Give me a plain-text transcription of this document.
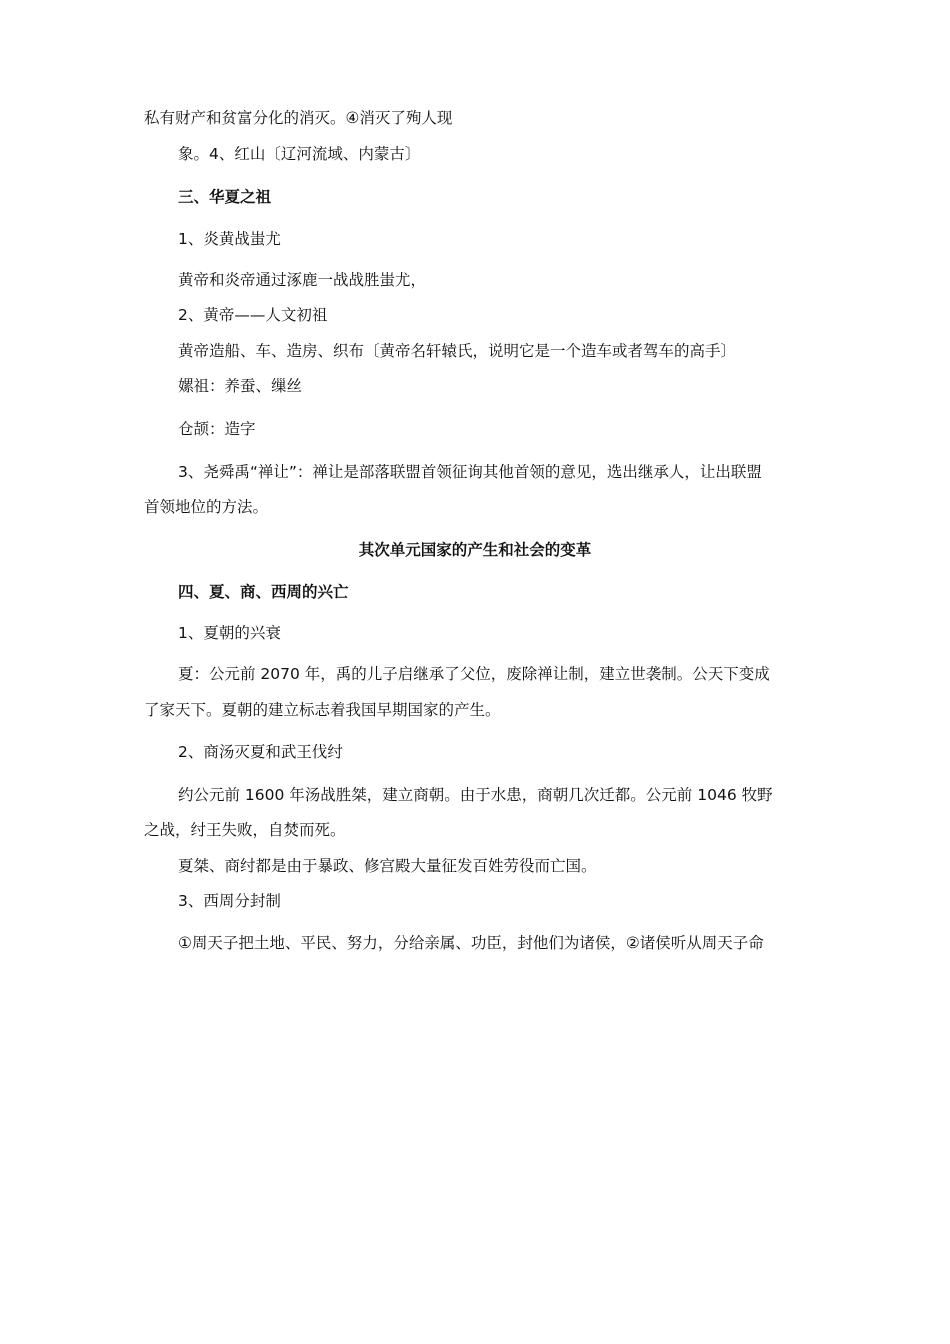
私有财产和贫富分化的消灭。④消灭了殉人现
象。4、红山〔辽河流域、内蒙古〕
三、华夏之祖
1、炎黄战蚩尤
黄帝和炎帝通过涿鹿一战战胜蚩尤，
2、黄帝——人文初祖
黄帝造船、车、造房、织布〔黄帝名轩辕氏，说明它是一个造车或者驾车的高手〕
嫘祖：养蚕、缫丝
仓颉：造字
3、尧舜禹“禅让”：禅让是部落联盟首领征询其他首领的意见，选出继承人，让出联盟
首领地位的方法。
其次单元国家的产生和社会的变革
四、夏、商、西周的兴亡
1、夏朝的兴衰
夏：公元前 2070 年，禹的儿子启继承了父位，废除禅让制，建立世袭制。公天下变成
了家天下。夏朝的建立标志着我国早期国家的产生。
2、商汤灭夏和武王伐纣
约公元前 1600 年汤战胜桀，建立商朝。由于水患，商朝几次迁都。公元前 1046 牧野
之战，纣王失败，自焚而死。
夏桀、商纣都是由于暴政、修宫殿大量征发百姓劳役而亡国。
3、西周分封制
①周天子把土地、平民、努力，分给亲属、功臣，封他们为诸侯，②诸侯听从周天子命
